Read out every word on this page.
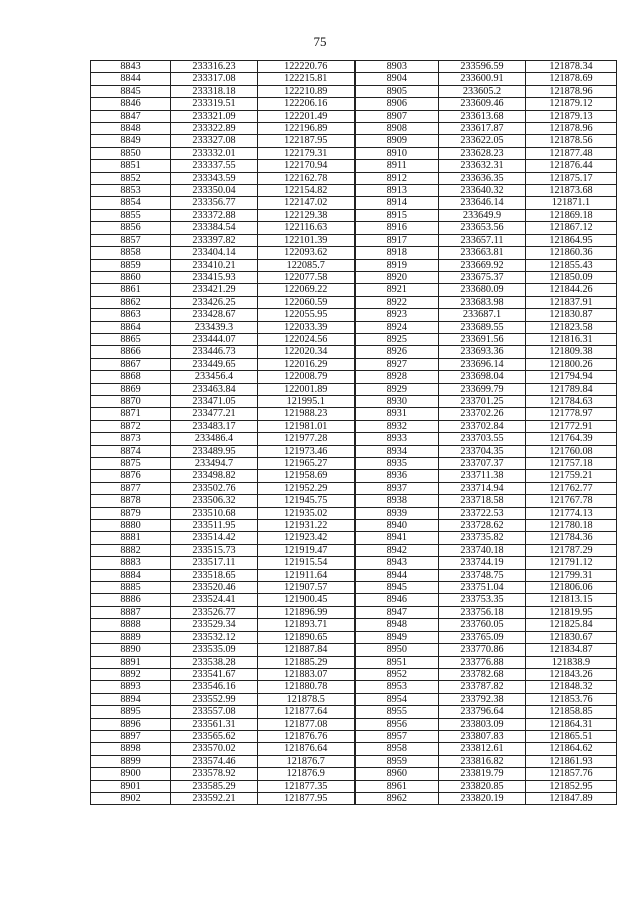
75
8843	233316.23	122220.76	8903	233596.59	121878.34
8844	233317.08	122215.81	8904	233600.91	121878.69
8845	233318.18	122210.89	8905	233605.2	121878.96
8846	233319.51	122206.16	8906	233609.46	121879.12
8847	233321.09	122201.49	8907	233613.68	121879.13
8848	233322.89	122196.89	8908	233617.87	121878.96
8849	233327.08	122187.95	8909	233622.05	121878.56
8850	233332.01	122179.31	8910	233628.23	121877.48
8851	233337.55	122170.94	8911	233632.31	121876.44
8852	233343.59	122162.78	8912	233636.35	121875.17
8853	233350.04	122154.82	8913	233640.32	121873.68
8854	233356.77	122147.02	8914	233646.14	121871.1
8855	233372.88	122129.38	8915	233649.9	121869.18
8856	233384.54	122116.63	8916	233653.56	121867.12
8857	233397.82	122101.39	8917	233657.11	121864.95
8858	233404.14	122093.62	8918	233663.81	121860.36
8859	233410.21	122085.7	8919	233669.92	121855.43
8860	233415.93	122077.58	8920	233675.37	121850.09
8861	233421.29	122069.22	8921	233680.09	121844.26
8862	233426.25	122060.59	8922	233683.98	121837.91
8863	233428.67	122055.95	8923	233687.1	121830.87
8864	233439.3	122033.39	8924	233689.55	121823.58
8865	233444.07	122024.56	8925	233691.56	121816.31
8866	233446.73	122020.34	8926	233693.36	121809.38
8867	233449.65	122016.29	8927	233696.14	121800.26
8868	233456.4	122008.79	8928	233698.04	121794.94
8869	233463.84	122001.89	8929	233699.79	121789.84
8870	233471.05	121995.1	8930	233701.25	121784.63
8871	233477.21	121988.23	8931	233702.26	121778.97
8872	233483.17	121981.01	8932	233702.84	121772.91
8873	233486.4	121977.28	8933	233703.55	121764.39
8874	233489.95	121973.46	8934	233704.35	121760.08
8875	233494.7	121965.27	8935	233707.37	121757.18
8876	233498.82	121958.69	8936	233711.38	121759.21
8877	233502.76	121952.29	8937	233714.94	121762.77
8878	233506.32	121945.75	8938	233718.58	121767.78
8879	233510.68	121935.02	8939	233722.53	121774.13
8880	233511.95	121931.22	8940	233728.62	121780.18
8881	233514.42	121923.42	8941	233735.82	121784.36
8882	233515.73	121919.47	8942	233740.18	121787.29
8883	233517.11	121915.54	8943	233744.19	121791.12
8884	233518.65	121911.64	8944	233748.75	121799.31
8885	233520.46	121907.57	8945	233751.04	121806.06
8886	233524.41	121900.45	8946	233753.35	121813.15
8887	233526.77	121896.99	8947	233756.18	121819.95
8888	233529.34	121893.71	8948	233760.05	121825.84
8889	233532.12	121890.65	8949	233765.09	121830.67
8890	233535.09	121887.84	8950	233770.86	121834.87
8891	233538.28	121885.29	8951	233776.88	121838.9
8892	233541.67	121883.07	8952	233782.68	121843.26
8893	233546.16	121880.78	8953	233787.82	121848.32
8894	233552.99	121878.5	8954	233792.38	121853.76
8895	233557.08	121877.64	8955	233796.64	121858.85
8896	233561.31	121877.08	8956	233803.09	121864.31
8897	233565.62	121876.76	8957	233807.83	121865.51
8898	233570.02	121876.64	8958	233812.61	121864.62
8899	233574.46	121876.7	8959	233816.82	121861.93
8900	233578.92	121876.9	8960	233819.79	121857.76
8901	233585.29	121877.35	8961	233820.85	121852.95
8902	233592.21	121877.95	8962	233820.19	121847.89
